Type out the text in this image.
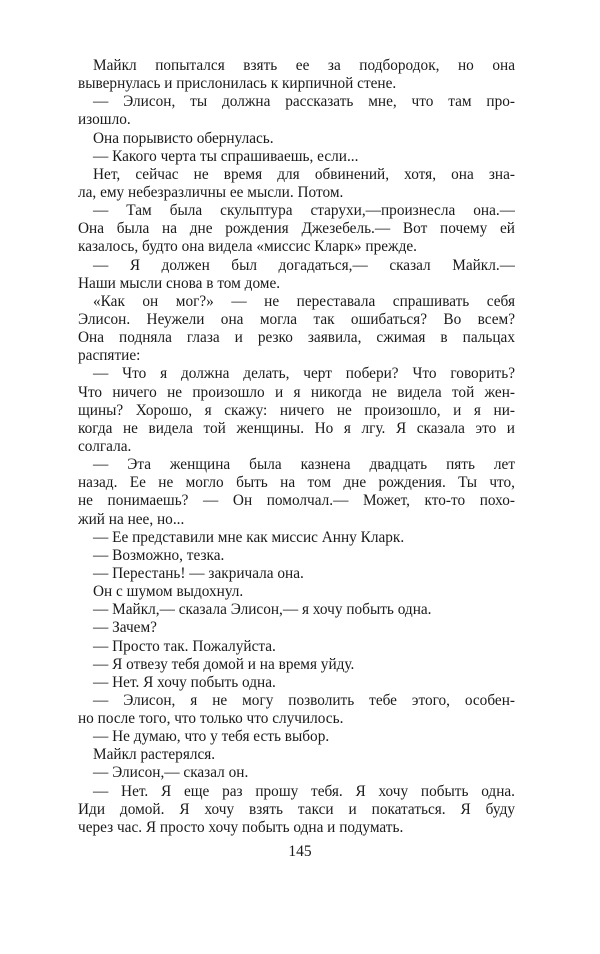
Майкл попытался взять ее за подбородок, но она
вывернулась и прислонилась к кирпичной стене.
— Элисон, ты должна рассказать мне, что там про-
изошло.
Она порывисто обернулась.
— Какого черта ты спрашиваешь, если...
Нет, сейчас не время для обвинений, хотя, она зна-
ла, ему небезразличны ее мысли. Потом.
— Там была скульптура старухи,—произнесла она.—
Она была на дне рождения Джезебель.— Вот почему ей
казалось, будто она видела «миссис Кларк» прежде.
— Я должен был догадаться,— сказал Майкл.—
Наши мысли снова в том доме.
«Как он мог?» — не переставала спрашивать себя
Элисон. Неужели она могла так ошибаться? Во всем?
Она подняла глаза и резко заявила, сжимая в пальцах
распятие:
— Что я должна делать, черт побери? Что говорить?
Что ничего не произошло и я никогда не видела той жен-
щины? Хорошо, я скажу: ничего не произошло, и я ни-
когда не видела той женщины. Но я лгу. Я сказала это и
солгала.
— Эта женщина была казнена двадцать пять лет
назад. Ее не могло быть на том дне рождения. Ты что,
не понимаешь? — Он помолчал.— Может, кто-то похо-
жий на нее, но...
— Ее представили мне как миссис Анну Кларк.
— Возможно, тезка.
— Перестань! — закричала она.
Он с шумом выдохнул.
— Майкл,— сказала Элисон,— я хочу побыть одна.
— Зачем?
— Просто так. Пожалуйста.
— Я отвезу тебя домой и на время уйду.
— Нет. Я хочу побыть одна.
— Элисон, я не могу позволить тебе этого, особен-
но после того, что только что случилось.
— Не думаю, что у тебя есть выбор.
Майкл растерялся.
— Элисон,— сказал он.
— Нет. Я еще раз прошу тебя. Я хочу побыть одна.
Иди домой. Я хочу взять такси и покататься. Я буду
через час. Я просто хочу побыть одна и подумать.
145
